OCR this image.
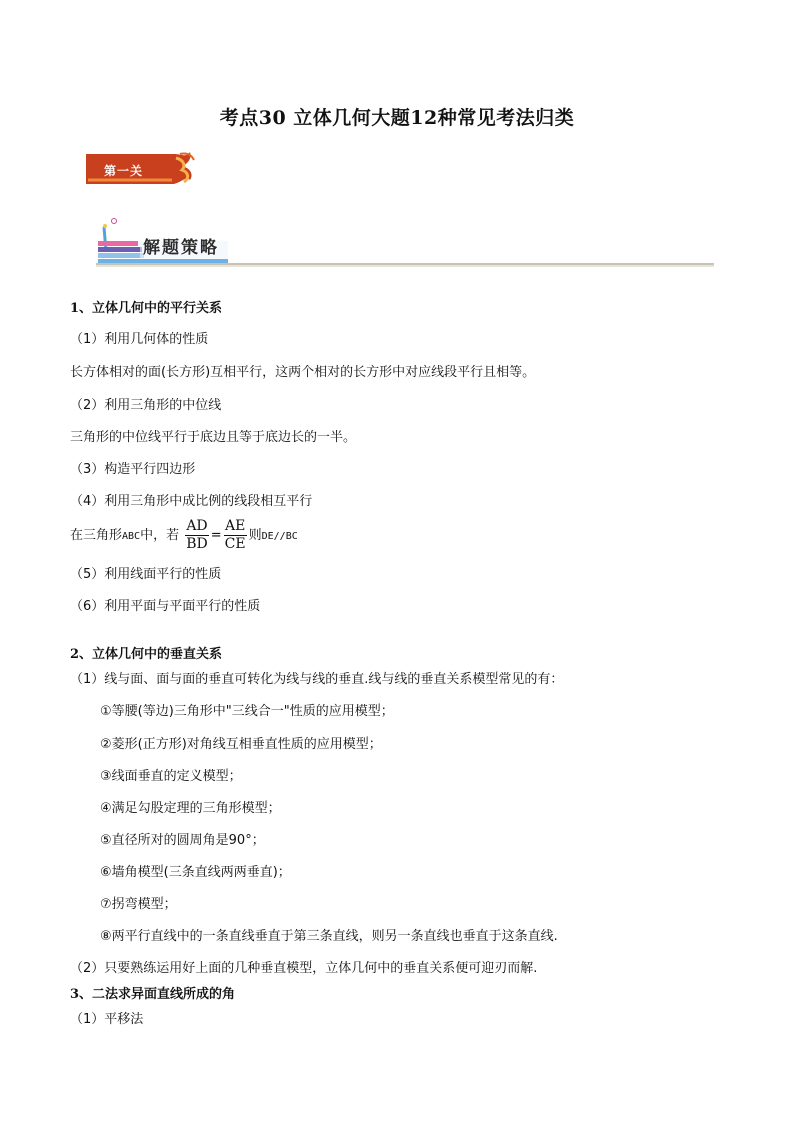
考点30 立体几何大题12种常见考法归类
第一关
解题策略
1、立体几何中的平行关系
（1）利用几何体的性质
长方体相对的面(长方形)互相平行，这两个相对的长方形中对应线段平行且相等。
（2）利用三角形的中位线
三角形的中位线平行于底边且等于底边长的一半。
（3）构造平行四边形
（4）利用三角形中成比例的线段相互平行
在三角形ABC中，若 $\frac{AD}{BD} = \frac{AE}{CE}$ 则DE//BC
（5）利用线面平行的性质
（6）利用平面与平面平行的性质
2、立体几何中的垂直关系
（1）线与面、面与面的垂直可转化为线与线的垂直.线与线的垂直关系模型常见的有：
①等腰(等边)三角形中"三线合一"性质的应用模型；
②菱形(正方形)对角线互相垂直性质的应用模型；
③线面垂直的定义模型；
④满足勾股定理的三角形模型；
⑤直径所对的圆周角是90°；
⑥墙角模型(三条直线两两垂直)；
⑦拐弯模型；
⑧两平行直线中的一条直线垂直于第三条直线，则另一条直线也垂直于这条直线.
（2）只要熟练运用好上面的几种垂直模型，立体几何中的垂直关系便可迎刃而解.
3、二法求异面直线所成的角
（1）平移法
